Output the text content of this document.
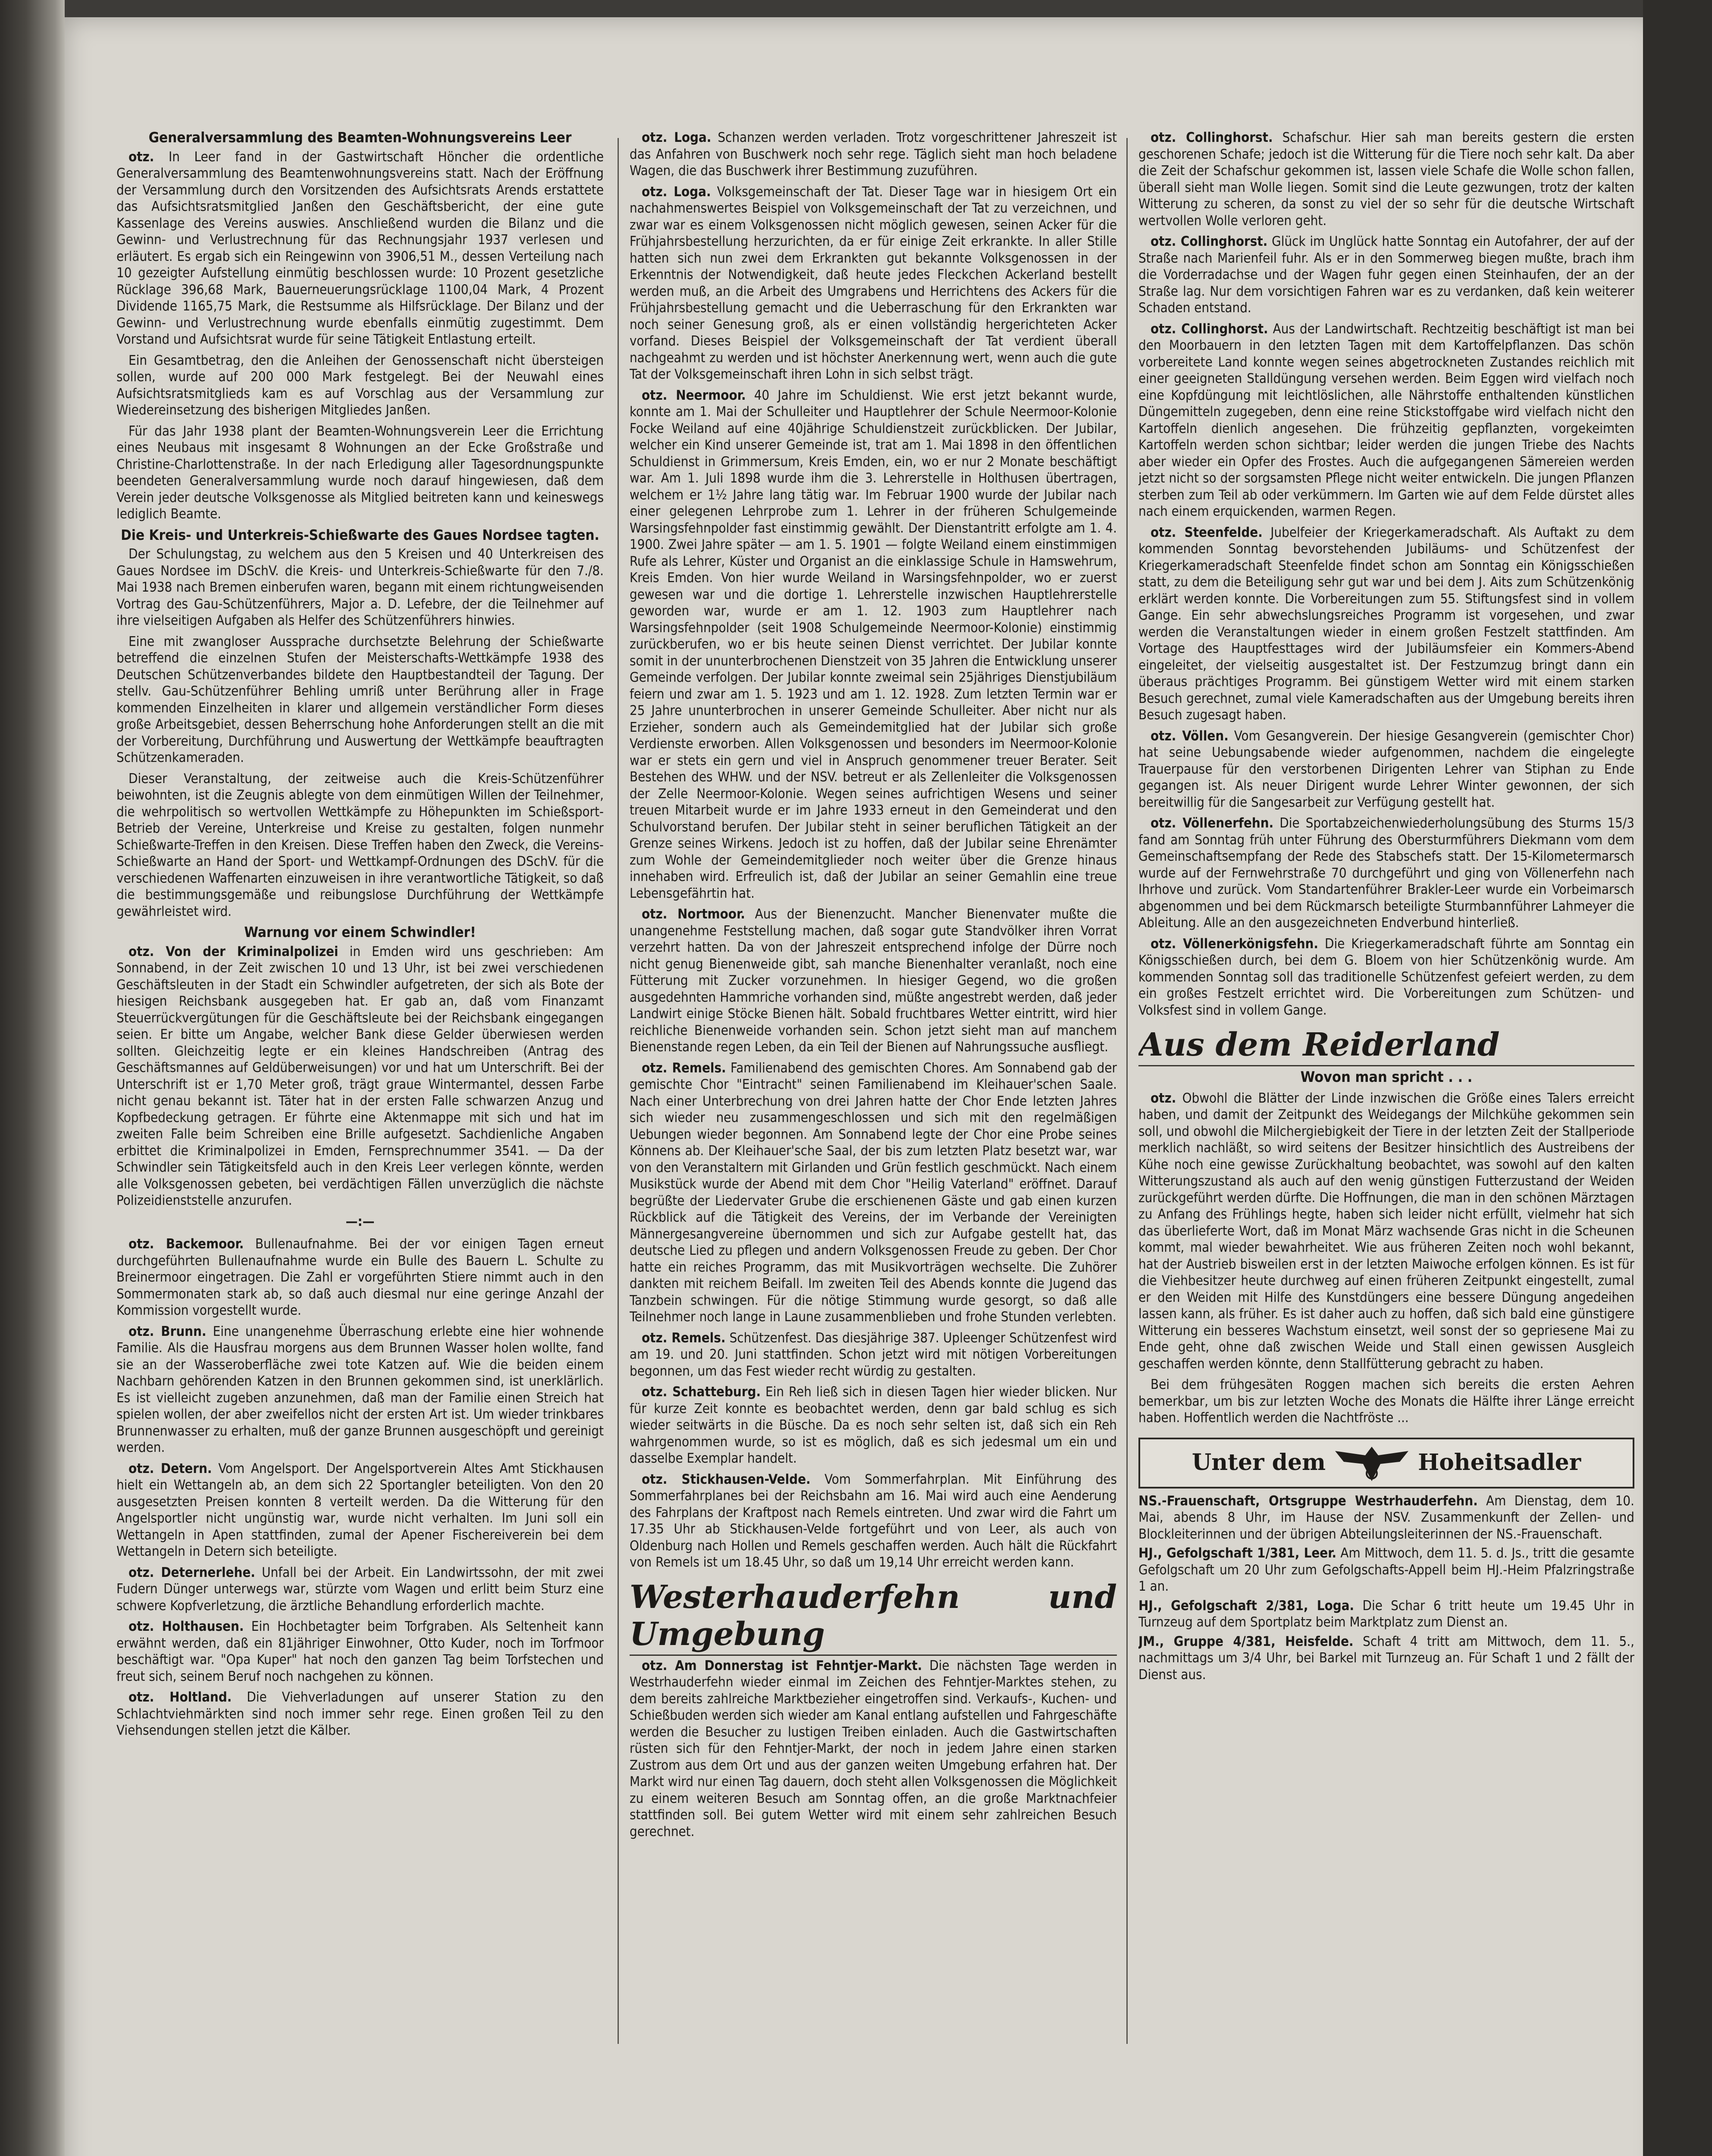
Generalversammlung des Beamten-Wohnungsvereins Leer
otz. In Leer fand in der Gastwirtschaft Höncher die ordentliche Generalversammlung des Beamtenwohnungsvereins statt. Nach der Eröffnung der Versammlung durch den Vorsitzenden des Aufsichtsrats Arends erstattete das Aufsichtsratsmitglied Janßen den Geschäftsbericht, der eine gute Kassenlage des Vereins auswies. Anschließend wurden die Bilanz und die Gewinn- und Verlustrechnung für das Rechnungsjahr 1937 verlesen und erläutert. Es ergab sich ein Reingewinn von 3906,51 M., dessen Verteilung nach 10 gezeigter Aufstellung einmütig beschlossen wurde: 10 Prozent gesetzliche Rücklage 396,68 Mark, Bauerneuerungsrücklage 1100,04 Mark, 4 Prozent Dividende 1165,75 Mark, die Restsumme als Hilfsrücklage. Der Bilanz und der Gewinn- und Verlustrechnung wurde ebenfalls einmütig zugestimmt. Dem Vorstand und Aufsichtsrat wurde für seine Tätigkeit Entlastung erteilt.
Ein Gesamtbetrag, den die Anleihen der Genossenschaft nicht übersteigen sollen, wurde auf 200 000 Mark festgelegt. Bei der Neuwahl eines Aufsichtsratsmitglieds kam es auf Vorschlag aus der Versammlung zur Wiedereinsetzung des bisherigen Mitgliedes Janßen.
Für das Jahr 1938 plant der Beamten-Wohnungsverein Leer die Errichtung eines Neubaus mit insgesamt 8 Wohnungen an der Ecke Großstraße und Christine-Charlottenstraße. In der nach Erledigung aller Tagesordnungspunkte beendeten Generalversammlung wurde noch darauf hingewiesen, daß dem Verein jeder deutsche Volksgenosse als Mitglied beitreten kann und keineswegs lediglich Beamte.
Die Kreis- und Unterkreis-Schießwarte des Gaues Nordsee tagten.
Der Schulungstag, zu welchem aus den 5 Kreisen und 40 Unterkreisen des Gaues Nordsee im DSchV. die Kreis- und Unterkreis-Schießwarte für den 7./8. Mai 1938 nach Bremen einberufen waren, begann mit einem richtungweisenden Vortrag des Gau-Schützenführers, Major a. D. Lefebre, der die Teilnehmer auf ihre vielseitigen Aufgaben als Helfer des Schützenführers hinwies.
Eine mit zwangloser Aussprache durchsetzte Belehrung der Schießwarte betreffend die einzelnen Stufen der Meisterschafts-Wettkämpfe 1938 des Deutschen Schützenverbandes bildete den Hauptbestandteil der Tagung. Der stellv. Gau-Schützenführer Behling umriß unter Berührung aller in Frage kommenden Einzelheiten in klarer und allgemein verständlicher Form dieses große Arbeitsgebiet, dessen Beherrschung hohe Anforderungen stellt an die mit der Vorbereitung, Durchführung und Auswertung der Wettkämpfe beauftragten Schützenkameraden.
Dieser Veranstaltung, der zeitweise auch die Kreis-Schützenführer beiwohnten, ist die Zeugnis ablegte von dem einmütigen Willen der Teilnehmer, die wehrpolitisch so wertvollen Wettkämpfe zu Höhepunkten im Schießsport-Betrieb der Vereine, Unterkreise und Kreise zu gestalten, folgen nunmehr Schießwarte-Treffen in den Kreisen. Diese Treffen haben den Zweck, die Vereins-Schießwarte an Hand der Sport- und Wettkampf-Ordnungen des DSchV. für die verschiedenen Waffenarten einzuweisen in ihre verantwortliche Tätigkeit, so daß die bestimmungsgemäße und reibungslose Durchführung der Wettkämpfe gewährleistet wird.
Warnung vor einem Schwindler!
otz. Von der Kriminalpolizei in Emden wird uns geschrieben: Am Sonnabend, in der Zeit zwischen 10 und 13 Uhr, ist bei zwei verschiedenen Geschäftsleuten in der Stadt ein Schwindler aufgetreten, der sich als Bote der hiesigen Reichsbank ausgegeben hat. Er gab an, daß vom Finanzamt Steuerrückvergütungen für die Geschäftsleute bei der Reichsbank eingegangen seien. Er bitte um Angabe, welcher Bank diese Gelder überwiesen werden sollten. Gleichzeitig legte er ein kleines Handschreiben (Antrag des Geschäftsmannes auf Geldüberweisungen) vor und hat um Unterschrift. Bei der Unterschrift ist er 1,70 Meter groß, trägt graue Wintermantel, dessen Farbe nicht genau bekannt ist. Täter hat in der ersten Falle schwarzen Anzug und Kopfbedeckung getragen. Er führte eine Aktenmappe mit sich und hat im zweiten Falle beim Schreiben eine Brille aufgesetzt. Sachdienliche Angaben erbittet die Kriminalpolizei in Emden, Fernsprechnummer 3541. — Da der Schwindler sein Tätigkeitsfeld auch in den Kreis Leer verlegen könnte, werden alle Volksgenossen gebeten, bei verdächtigen Fällen unverzüglich die nächste Polizeidienststelle anzurufen.
—:—
otz. Backemoor. Bullenaufnahme. Bei der vor einigen Tagen erneut durchgeführten Bullenaufnahme wurde ein Bulle des Bauern L. Schulte zu Breinermoor eingetragen. Die Zahl er vorgeführten Stiere nimmt auch in den Sommermonaten stark ab, so daß auch diesmal nur eine geringe Anzahl der Kommission vorgestellt wurde.
otz. Brunn. Eine unangenehme Überraschung erlebte eine hier wohnende Familie. Als die Hausfrau morgens aus dem Brunnen Wasser holen wollte, fand sie an der Wasseroberfläche zwei tote Katzen auf. Wie die beiden einem Nachbarn gehörenden Katzen in den Brunnen gekommen sind, ist unerklärlich. Es ist vielleicht zugeben anzunehmen, daß man der Familie einen Streich hat spielen wollen, der aber zweifellos nicht der ersten Art ist. Um wieder trinkbares Brunnenwasser zu erhalten, muß der ganze Brunnen ausgeschöpft und gereinigt werden.
otz. Detern. Vom Angelsport. Der Angelsportverein Altes Amt Stickhausen hielt ein Wettangeln ab, an dem sich 22 Sportangler beteiligten. Von den 20 ausgesetzten Preisen konnten 8 verteilt werden. Da die Witterung für den Angelsportler nicht ungünstig war, wurde nicht verhalten. Im Juni soll ein Wettangeln in Apen stattfinden, zumal der Apener Fischereiverein bei dem Wettangeln in Detern sich beteiligte.
otz. Deternerlehe. Unfall bei der Arbeit. Ein Landwirtssohn, der mit zwei Fudern Dünger unterwegs war, stürzte vom Wagen und erlitt beim Sturz eine schwere Kopfverletzung, die ärztliche Behandlung erforderlich machte.
otz. Holthausen. Ein Hochbetagter beim Torfgraben. Als Seltenheit kann erwähnt werden, daß ein 81jähriger Einwohner, Otto Kuder, noch im Torfmoor beschäftigt war. "Opa Kuper" hat noch den ganzen Tag beim Torfstechen und freut sich, seinem Beruf noch nachgehen zu können.
otz. Holtland. Die Viehverladungen auf unserer Station zu den Schlachtviehmärkten sind noch immer sehr rege. Einen großen Teil zu den Viehsendungen stellen jetzt die Kälber.
otz. Loga. Schanzen werden verladen. Trotz vorgeschrittener Jahreszeit ist das Anfahren von Buschwerk noch sehr rege. Täglich sieht man hoch beladene Wagen, die das Buschwerk ihrer Bestimmung zuzuführen.
otz. Loga. Volksgemeinschaft der Tat. Dieser Tage war in hiesigem Ort ein nachahmenswertes Beispiel von Volksgemeinschaft der Tat zu verzeichnen, und zwar war es einem Volksgenossen nicht möglich gewesen, seinen Acker für die Frühjahrsbestellung herzurichten, da er für einige Zeit erkrankte. In aller Stille hatten sich nun zwei dem Erkrankten gut bekannte Volksgenossen in der Erkenntnis der Notwendigkeit, daß heute jedes Fleckchen Ackerland bestellt werden muß, an die Arbeit des Umgrabens und Herrichtens des Ackers für die Frühjahrsbestellung gemacht und die Ueberraschung für den Erkrankten war noch seiner Genesung groß, als er einen vollständig hergerichteten Acker vorfand. Dieses Beispiel der Volksgemeinschaft der Tat verdient überall nachgeahmt zu werden und ist höchster Anerkennung wert, wenn auch die gute Tat der Volksgemeinschaft ihren Lohn in sich selbst trägt.
otz. Neermoor. 40 Jahre im Schuldienst. Wie erst jetzt bekannt wurde, konnte am 1. Mai der Schulleiter und Hauptlehrer der Schule Neermoor-Kolonie Focke Weiland auf eine 40jährige Schuldienstzeit zurückblicken. Der Jubilar, welcher ein Kind unserer Gemeinde ist, trat am 1. Mai 1898 in den öffentlichen Schuldienst in Grimmersum, Kreis Emden, ein, wo er nur 2 Monate beschäftigt war. Am 1. Juli 1898 wurde ihm die 3. Lehrerstelle in Holthusen übertragen, welchem er 1½ Jahre lang tätig war. Im Februar 1900 wurde der Jubilar nach einer gelegenen Lehrprobe zum 1. Lehrer in der früheren Schulgemeinde Warsingsfehnpolder fast einstimmig gewählt. Der Dienstantritt erfolgte am 1. 4. 1900. Zwei Jahre später — am 1. 5. 1901 — folgte Weiland einem einstimmigen Rufe als Lehrer, Küster und Organist an die einklassige Schule in Hamswehrum, Kreis Emden. Von hier wurde Weiland in Warsingsfehnpolder, wo er zuerst gewesen war und die dortige 1. Lehrerstelle inzwischen Hauptlehrerstelle geworden war, wurde er am 1. 12. 1903 zum Hauptlehrer nach Warsingsfehnpolder (seit 1908 Schulgemeinde Neermoor-Kolonie) einstimmig zurückberufen, wo er bis heute seinen Dienst verrichtet. Der Jubilar konnte somit in der ununterbrochenen Dienstzeit von 35 Jahren die Entwicklung unserer Gemeinde verfolgen. Der Jubilar konnte zweimal sein 25jähriges Dienstjubiläum feiern und zwar am 1. 5. 1923 und am 1. 12. 1928. Zum letzten Termin war er 25 Jahre ununterbrochen in unserer Gemeinde Schulleiter. Aber nicht nur als Erzieher, sondern auch als Gemeindemitglied hat der Jubilar sich große Verdienste erworben. Allen Volksgenossen und besonders im Neermoor-Kolonie war er stets ein gern und viel in Anspruch genommener treuer Berater. Seit Bestehen des WHW. und der NSV. betreut er als Zellenleiter die Volksgenossen der Zelle Neermoor-Kolonie. Wegen seines aufrichtigen Wesens und seiner treuen Mitarbeit wurde er im Jahre 1933 erneut in den Gemeinderat und den Schulvorstand berufen. Der Jubilar steht in seiner beruflichen Tätigkeit an der Grenze seines Wirkens. Jedoch ist zu hoffen, daß der Jubilar seine Ehrenämter zum Wohle der Gemeindemitglieder noch weiter über die Grenze hinaus innehaben wird. Erfreulich ist, daß der Jubilar an seiner Gemahlin eine treue Lebensgefährtin hat.
otz. Nortmoor. Aus der Bienenzucht. Mancher Bienenvater mußte die unangenehme Feststellung machen, daß sogar gute Standvölker ihren Vorrat verzehrt hatten. Da von der Jahreszeit entsprechend infolge der Dürre noch nicht genug Bienenweide gibt, sah manche Bienenhalter veranlaßt, noch eine Fütterung mit Zucker vorzunehmen. In hiesiger Gegend, wo die großen ausgedehnten Hammriche vorhanden sind, müßte angestrebt werden, daß jeder Landwirt einige Stöcke Bienen hält. Sobald fruchtbares Wetter eintritt, wird hier reichliche Bienenweide vorhanden sein. Schon jetzt sieht man auf manchem Bienenstande regen Leben, da ein Teil der Bienen auf Nahrungssuche ausfliegt.
otz. Remels. Familienabend des gemischten Chores. Am Sonnabend gab der gemischte Chor "Eintracht" seinen Familienabend im Kleihauer'schen Saale. Nach einer Unterbrechung von drei Jahren hatte der Chor Ende letzten Jahres sich wieder neu zusammengeschlossen und sich mit den regelmäßigen Uebungen wieder begonnen. Am Sonnabend legte der Chor eine Probe seines Könnens ab. Der Kleihauer'sche Saal, der bis zum letzten Platz besetzt war, war von den Veranstaltern mit Girlanden und Grün festlich geschmückt. Nach einem Musikstück wurde der Abend mit dem Chor "Heilig Vaterland" eröffnet. Darauf begrüßte der Liedervater Grube die erschienenen Gäste und gab einen kurzen Rückblick auf die Tätigkeit des Vereins, der im Verbande der Vereinigten Männergesangvereine übernommen und sich zur Aufgabe gestellt hat, das deutsche Lied zu pflegen und andern Volksgenossen Freude zu geben. Der Chor hatte ein reiches Programm, das mit Musikvorträgen wechselte. Die Zuhörer dankten mit reichem Beifall. Im zweiten Teil des Abends konnte die Jugend das Tanzbein schwingen. Für die nötige Stimmung wurde gesorgt, so daß alle Teilnehmer noch lange in Laune zusammenblieben und frohe Stunden verlebten.
otz. Remels. Schützenfest. Das diesjährige 387. Upleenger Schützenfest wird am 19. und 20. Juni stattfinden. Schon jetzt wird mit nötigen Vorbereitungen begonnen, um das Fest wieder recht würdig zu gestalten.
otz. Schatteburg. Ein Reh ließ sich in diesen Tagen hier wieder blicken. Nur für kurze Zeit konnte es beobachtet werden, denn gar bald schlug es sich wieder seitwärts in die Büsche. Da es noch sehr selten ist, daß sich ein Reh wahrgenommen wurde, so ist es möglich, daß es sich jedesmal um ein und dasselbe Exemplar handelt.
otz. Stickhausen-Velde. Vom Sommerfahrplan. Mit Einführung des Sommerfahrplanes bei der Reichsbahn am 16. Mai wird auch eine Aenderung des Fahrplans der Kraftpost nach Remels eintreten. Und zwar wird die Fahrt um 17.35 Uhr ab Stickhausen-Velde fortgeführt und von Leer, als auch von Oldenburg nach Hollen und Remels geschaffen werden. Auch hält die Rückfahrt von Remels ist um 18.45 Uhr, so daß um 19,14 Uhr erreicht werden kann.
Westerhauderfehn und Umgebung
otz. Am Donnerstag ist Fehntjer-Markt. Die nächsten Tage werden in Westrhauderfehn wieder einmal im Zeichen des Fehntjer-Marktes stehen, zu dem bereits zahlreiche Marktbezieher eingetroffen sind. Verkaufs-, Kuchen- und Schießbuden werden sich wieder am Kanal entlang aufstellen und Fahrgeschäfte werden die Besucher zu lustigen Treiben einladen. Auch die Gastwirtschaften rüsten sich für den Fehntjer-Markt, der noch in jedem Jahre einen starken Zustrom aus dem Ort und aus der ganzen weiten Umgebung erfahren hat. Der Markt wird nur einen Tag dauern, doch steht allen Volksgenossen die Möglichkeit zu einem weiteren Besuch am Sonntag offen, an die große Marktnachfeier stattfinden soll. Bei gutem Wetter wird mit einem sehr zahlreichen Besuch gerechnet.
otz. Collinghorst. Schafschur. Hier sah man bereits gestern die ersten geschorenen Schafe; jedoch ist die Witterung für die Tiere noch sehr kalt. Da aber die Zeit der Schafschur gekommen ist, lassen viele Schafe die Wolle schon fallen, überall sieht man Wolle liegen. Somit sind die Leute gezwungen, trotz der kalten Witterung zu scheren, da sonst zu viel der so sehr für die deutsche Wirtschaft wertvollen Wolle verloren geht.
otz. Collinghorst. Glück im Unglück hatte Sonntag ein Autofahrer, der auf der Straße nach Marienfeil fuhr. Als er in den Sommerweg biegen mußte, brach ihm die Vorderradachse und der Wagen fuhr gegen einen Steinhaufen, der an der Straße lag. Nur dem vorsichtigen Fahren war es zu verdanken, daß kein weiterer Schaden entstand.
otz. Collinghorst. Aus der Landwirtschaft. Rechtzeitig beschäftigt ist man bei den Moorbauern in den letzten Tagen mit dem Kartoffelpflanzen. Das schön vorbereitete Land konnte wegen seines abgetrockneten Zustandes reichlich mit einer geeigneten Stalldüngung versehen werden. Beim Eggen wird vielfach noch eine Kopfdüngung mit leichtlöslichen, alle Nährstoffe enthaltenden künstlichen Düngemitteln zugegeben, denn eine reine Stickstoffgabe wird vielfach nicht den Kartoffeln dienlich angesehen. Die frühzeitig gepflanzten, vorgekeimten Kartoffeln werden schon sichtbar; leider werden die jungen Triebe des Nachts aber wieder ein Opfer des Frostes. Auch die aufgegangenen Sämereien werden jetzt nicht so der sorgsamsten Pflege nicht weiter entwickeln. Die jungen Pflanzen sterben zum Teil ab oder verkümmern. Im Garten wie auf dem Felde dürstet alles nach einem erquickenden, warmen Regen.
otz. Steenfelde. Jubelfeier der Kriegerkameradschaft. Als Auftakt zu dem kommenden Sonntag bevorstehenden Jubiläums- und Schützenfest der Kriegerkameradschaft Steenfelde findet schon am Sonntag ein Königsschießen statt, zu dem die Beteiligung sehr gut war und bei dem J. Aits zum Schützenkönig erklärt werden konnte. Die Vorbereitungen zum 55. Stiftungsfest sind in vollem Gange. Ein sehr abwechslungsreiches Programm ist vorgesehen, und zwar werden die Veranstaltungen wieder in einem großen Festzelt stattfinden. Am Vortage des Hauptfesttages wird der Jubiläumsfeier ein Kommers-Abend eingeleitet, der vielseitig ausgestaltet ist. Der Festzumzug bringt dann ein überaus prächtiges Programm. Bei günstigem Wetter wird mit einem starken Besuch gerechnet, zumal viele Kameradschaften aus der Umgebung bereits ihren Besuch zugesagt haben.
otz. Völlen. Vom Gesangverein. Der hiesige Gesangverein (gemischter Chor) hat seine Uebungsabende wieder aufgenommen, nachdem die eingelegte Trauerpause für den verstorbenen Dirigenten Lehrer van Stiphan zu Ende gegangen ist. Als neuer Dirigent wurde Lehrer Winter gewonnen, der sich bereitwillig für die Sangesarbeit zur Verfügung gestellt hat.
otz. Völlenerfehn. Die Sportabzeichenwiederholungsübung des Sturms 15/3 fand am Sonntag früh unter Führung des Obersturmführers Diekmann vom dem Gemeinschaftsempfang der Rede des Stabschefs statt. Der 15-Kilometermarsch wurde auf der Fernwehrstraße 70 durchgeführt und ging von Völlenerfehn nach Ihrhove und zurück. Vom Standartenführer Brakler-Leer wurde ein Vorbeimarsch abgenommen und bei dem Rückmarsch beteiligte Sturmbannführer Lahmeyer die Ableitung. Alle an den ausgezeichneten Endverbund hinterließ.
otz. Völlenerkönigsfehn. Die Kriegerkameradschaft führte am Sonntag ein Königsschießen durch, bei dem G. Bloem von hier Schützenkönig wurde. Am kommenden Sonntag soll das traditionelle Schützenfest gefeiert werden, zu dem ein großes Festzelt errichtet wird. Die Vorbereitungen zum Schützen- und Volksfest sind in vollem Gange.
Aus dem Reiderland
Wovon man spricht . . .
otz. Obwohl die Blätter der Linde inzwischen die Größe eines Talers erreicht haben, und damit der Zeitpunkt des Weidegangs der Milchkühe gekommen sein soll, und obwohl die Milchergiebigkeit der Tiere in der letzten Zeit der Stallperiode merklich nachläßt, so wird seitens der Besitzer hinsichtlich des Austreibens der Kühe noch eine gewisse Zurückhaltung beobachtet, was sowohl auf den kalten Witterungszustand als auch auf den wenig günstigen Futterzustand der Weiden zurückgeführt werden dürfte. Die Hoffnungen, die man in den schönen Märztagen zu Anfang des Frühlings hegte, haben sich leider nicht erfüllt, vielmehr hat sich das überlieferte Wort, daß im Monat März wachsende Gras nicht in die Scheunen kommt, mal wieder bewahrheitet. Wie aus früheren Zeiten noch wohl bekannt, hat der Austrieb bisweilen erst in der letzten Maiwoche erfolgen können. Es ist für die Viehbesitzer heute durchweg auf einen früheren Zeitpunkt eingestellt, zumal er den Weiden mit Hilfe des Kunstdüngers eine bessere Düngung angedeihen lassen kann, als früher. Es ist daher auch zu hoffen, daß sich bald eine günstigere Witterung ein besseres Wachstum einsetzt, weil sonst der so gepriesene Mai zu Ende geht, ohne daß zwischen Weide und Stall einen gewissen Ausgleich geschaffen werden könnte, denn Stallfütterung gebracht zu haben.
Bei dem frühgesäten Roggen machen sich bereits die ersten Aehren bemerkbar, um bis zur letzten Woche des Monats die Hälfte ihrer Länge erreicht haben. Hoffentlich werden die Nachtfröste ...
Unter dem	Hoheitsadler
NS.-Frauenschaft, Ortsgruppe Westrhauderfehn. Am Dienstag, dem 10. Mai, abends 8 Uhr, im Hause der NSV. Zusammenkunft der Zellen- und Blockleiterinnen und der übrigen Abteilungsleiterinnen der NS.-Frauenschaft.
HJ., Gefolgschaft 1/381, Leer. Am Mittwoch, dem 11. 5. d. Js., tritt die gesamte Gefolgschaft um 20 Uhr zum Gefolgschafts-Appell beim HJ.-Heim Pfalzringstraße 1 an.
HJ., Gefolgschaft 2/381, Loga. Die Schar 6 tritt heute um 19.45 Uhr in Turnzeug auf dem Sportplatz beim Marktplatz zum Dienst an.
JM., Gruppe 4/381, Heisfelde. Schaft 4 tritt am Mittwoch, dem 11. 5., nachmittags um 3/4 Uhr, bei Barkel mit Turnzeug an. Für Schaft 1 und 2 fällt der Dienst aus.
